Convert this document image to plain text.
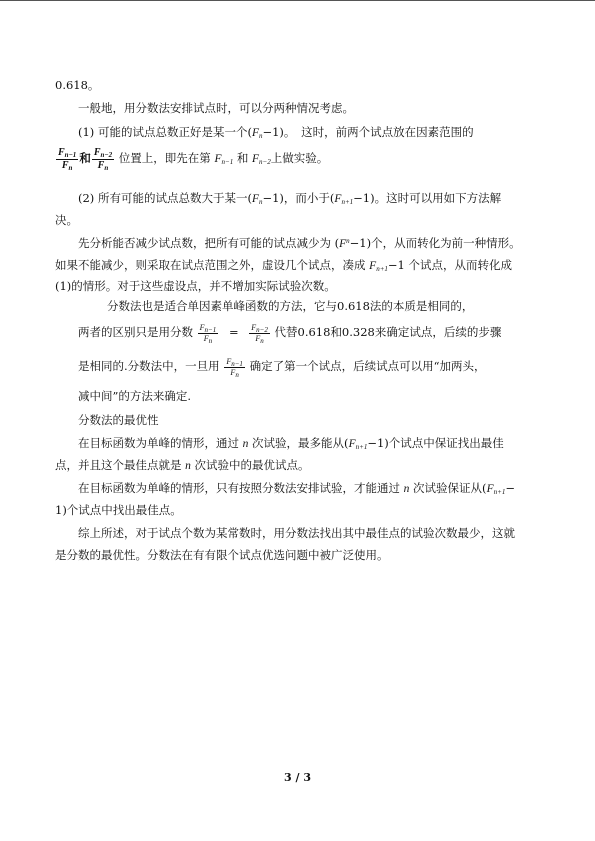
0.618。
一般地，用分数法安排试点时，可以分两种情况考虑。
(1) 可能的试点总数正好是某一个$(F_n-1)$。　这时，前两个试点放在因素范围的
$\frac{F_{n-1}}{F_n}$ 和 $\frac{F_{n-2}}{F_n}$ 位置上，即先在第 $F_{n-1}$ 和 $F_{n-2}$上做实验。
(2) 所有可能的试点总数大于某一$(F_n-1)$，而小于$(F_{n+1}-1)$。这时可以用如下方法解
决。
先分析能否减少试点数，把所有可能的试点减少为 $(F^n-1)$个，从而转化为前一种情形。
如果不能减少，则采取在试点范围之外，虚设几个试点，凑成 $F_{n+1}-1$ 个试点，从而转化成
(1)的情形。对于这些虚设点，并不增加实际试验次数。
分数法也是适合单因素单峰函数的方法，它与0.618法的本质是相同的，
两者的区别只是用分数 $\frac{F_{n-1}}{F_n} = \frac{F_{n-2}}{F_n}$ 代替0.618和0.328来确定试点，后续的步骤
是相同的.分数法中，一旦用 $\frac{F_{n-1}}{F_n}$ 确定了第一个试点，后续试点可以用“加两头，
减中间”的方法来确定.
分数法的最优性
在目标函数为单峰的情形，通过 n 次试验，最多能从$(F_{n+1}-1)$个试点中保证找出最佳
点，并且这个最佳点就是 n 次试验中的最优试点。
在目标函数为单峰的情形，只有按照分数法安排试验，才能通过 n 次试验保证从($F_{n+1}-$
1)个试点中找出最佳点。
综上所述，对于试点个数为某常数时，用分数法找出其中最佳点的试验次数最少，这就
是分数的最优性。分数法在有有限个试点优选问题中被广泛使用。
3 / 3
